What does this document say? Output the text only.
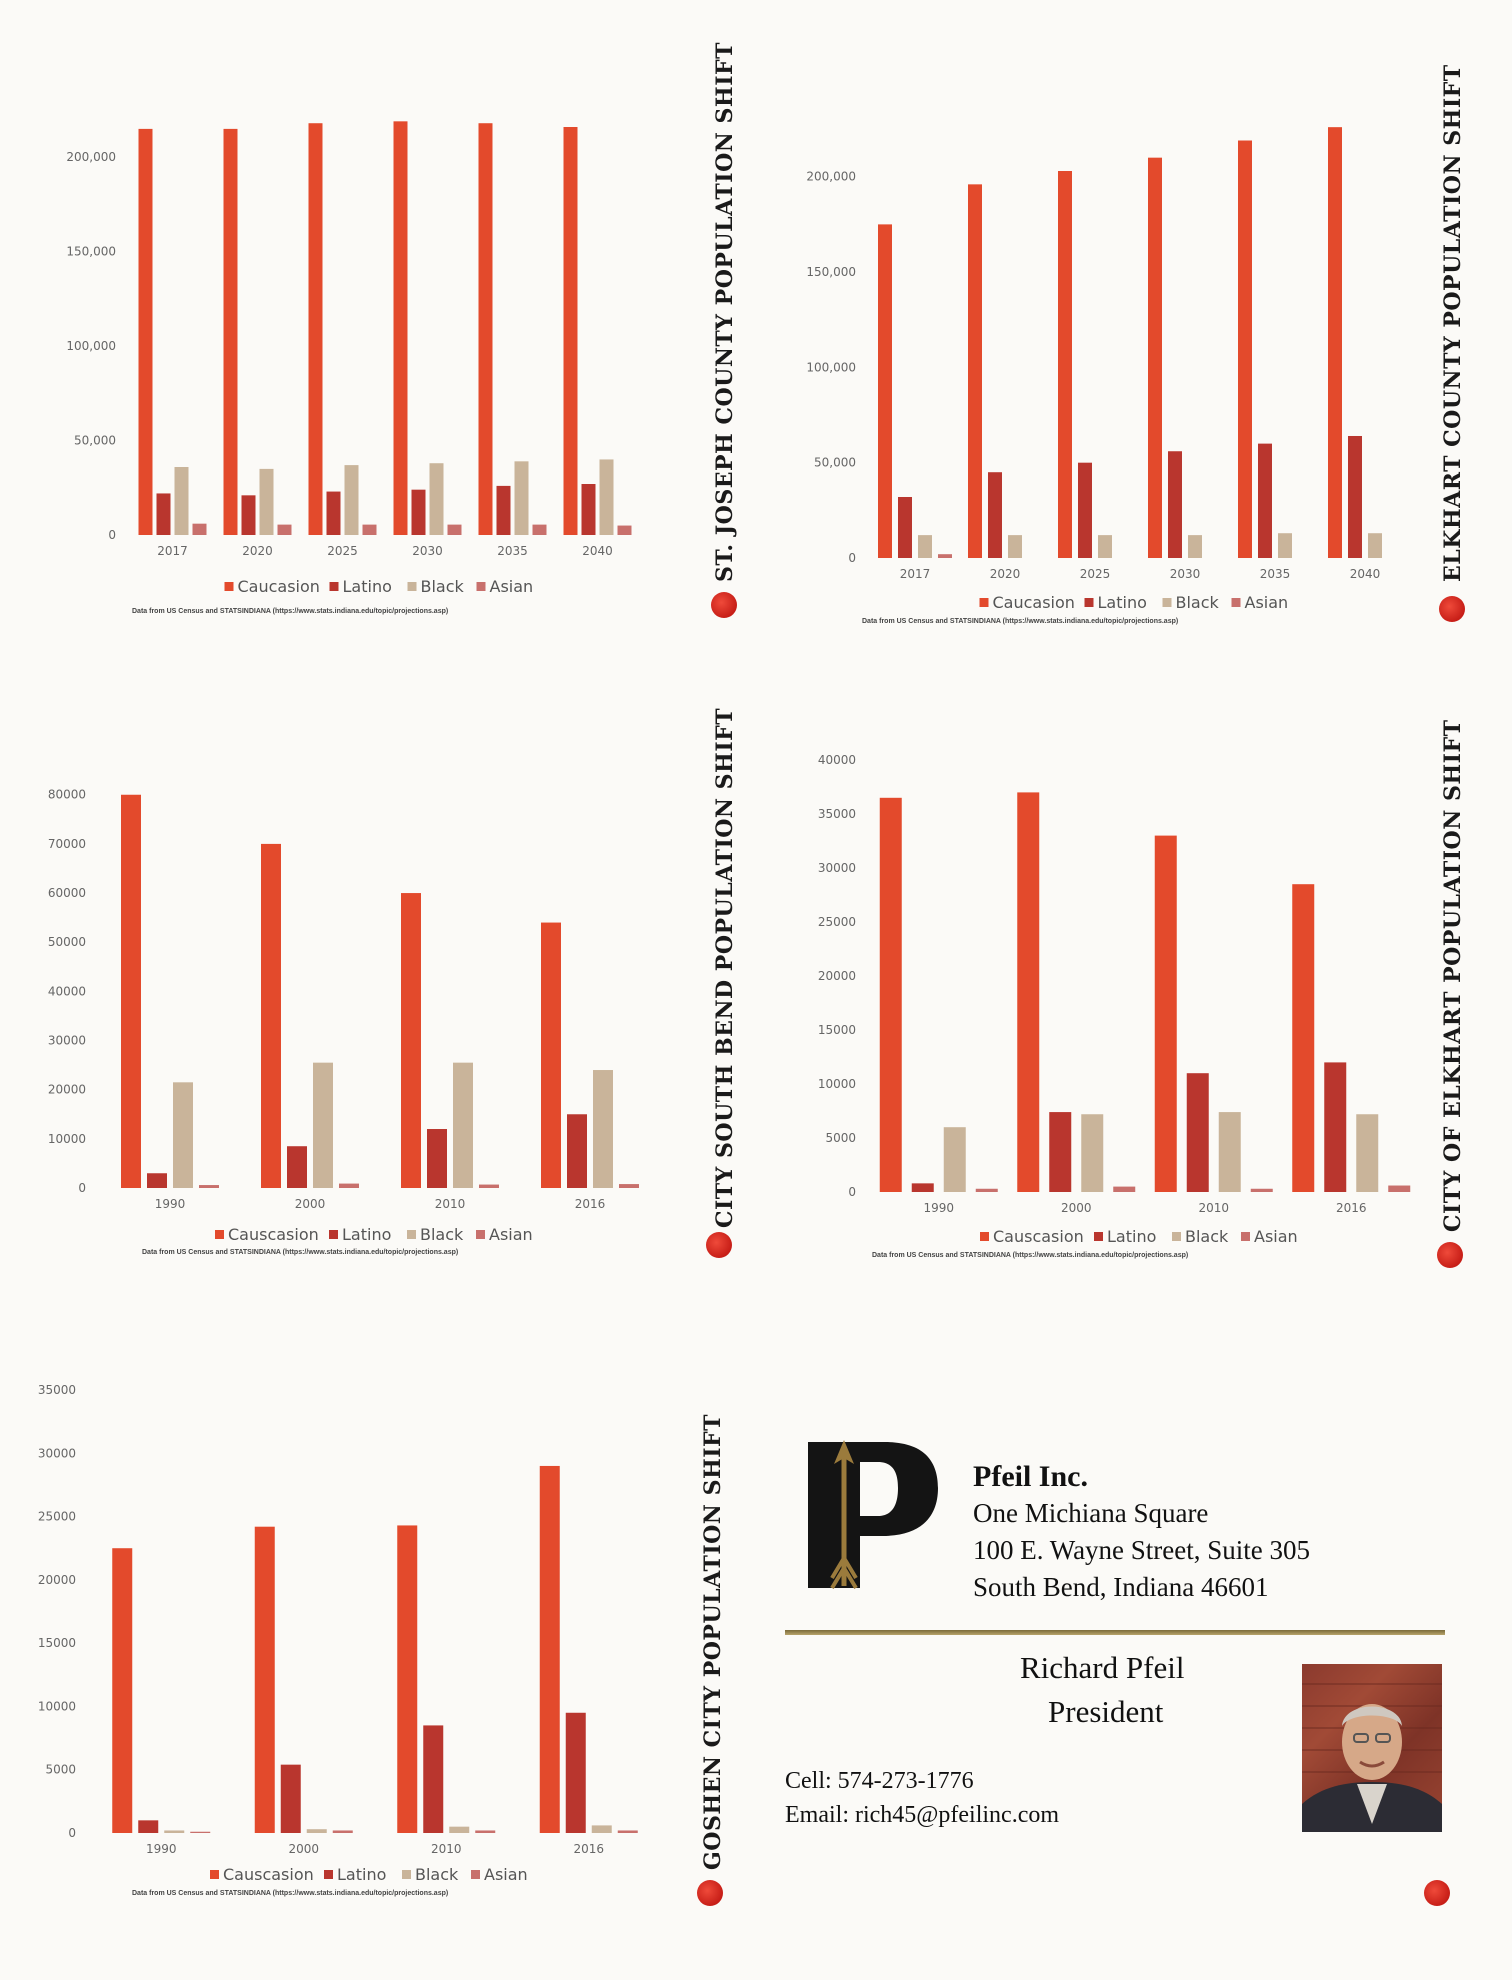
0
50,000
100,000
150,000
200,000
2017	2020	2025	2030	2035	2040
Caucasion Latino Black Asian
Data from US Census and STATSINDIANA (https://www.stats.indiana.edu/topic/projections.asp)
ST. JOSEPH COUNTY POPULATION SHIFT	0
50,000
100,000
150,000
200,000
2017	2020	2025	2030	2035	2040
Caucasion Latino Black Asian
Data from US Census and STATSINDIANA (https://www.stats.indiana.edu/topic/projections.asp)
ELKHART COUNTY POPULATION SHIFT
0
10000
20000
30000
40000
50000
60000
70000
80000
1990	2000	2010	2016
Causcasion Latino Black Asian
Data from US Census and STATSINDIANA (https://www.stats.indiana.edu/topic/projections.asp)
CITY SOUTH BEND POPULATION SHIFT	0
5000
10000
15000
20000
25000
30000
35000
40000
1990	2000	2010	2016
Causcasion Latino Black Asian
Data from US Census and STATSINDIANA (https://www.stats.indiana.edu/topic/projections.asp)
CITY OF ELKHART POPULATION SHIFT
0
5000
10000
15000
20000
25000
30000
35000
1990	2000	2010	2016
Causcasion Latino Black Asian
Data from US Census and STATSINDIANA (https://www.stats.indiana.edu/topic/projections.asp)
GOSHEN CITY POPULATION SHIFT	Pfeil Inc.
One Michiana Square
100 E. Wayne Street, Suite 305
South Bend, Indiana 46601
Richard Pfeil
President
Cell: 574-273-1776
Email: rich45@pfeilinc.com
